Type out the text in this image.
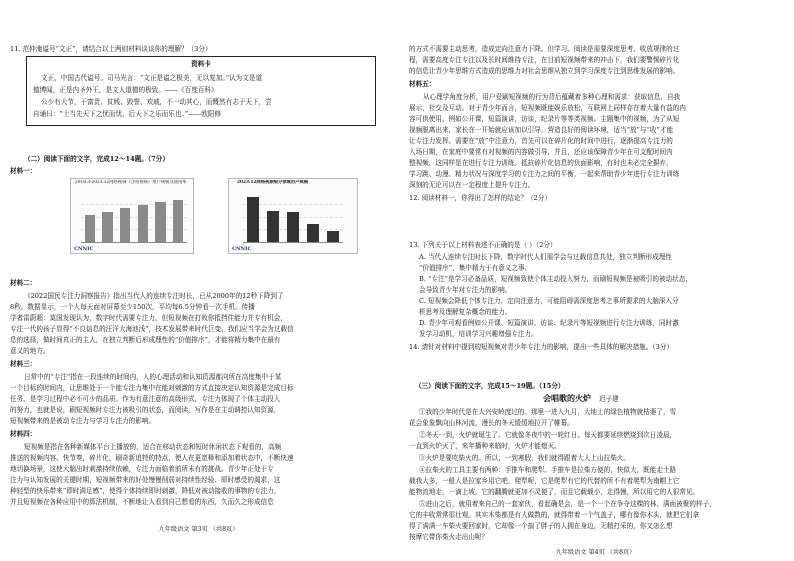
11. 范仲淹谥号“文正”，请结合以上两则材料谈谈你的理解？（3分）
资料卡
文正，中国古代谥号。司马光言：“文正是谥之极美，无以复加。”认为文是道
德博闻，正是内圣外王，是文人道德的极致。——《百度百科》
公少有大节，于富贵、贫贱、毁誉、欢戚，不一动其心，而慨然有志于天下，尝
自诵曰：“士当先天下之忧而忧，后天下之乐而乐也。”——欧阳修
（二）阅读下面的文字，完成12～14题。（7分）
材料一：
2018.3-2023.12网络视频（含短视频）用户规模及使用率
CNNIC
2023.12网络视频细分领域用户规模
CNNIC
材料二：
《2022国民专注力洞察报告》指出当代人的连续专注时长，已从2000年的12秒下降到了
8秒。数据显示，一个人每天面对屏幕至少150次，平均每6.5分钟看一次手机。传播
学者雷蔚超：莫国发现认为，数字时代需要专注力，但短视频在打败你抵挡住能力并专有机会，
专注一代的孩子显得“不良信息的汪洋大海池浅”，技术发展带来时代巨变，我们应当学会为过载信
息的选择，做时间真正的主人，在独立判断后形成理性的“价值排序”，才能将精力集中在最有
意义的地方。
材料三：
日常中的“专注”指在一段连续的时间内，人的心理活动和认知资源都向所在高度集中于某
一个目标的时间内，让思维处于一个能专注力集中在能对刺激的方式直接决定认知资源是完成目标
任务，是学习过程中必不可少的品质。作为有意注意的高级形式，专注力体现了个体主动投入
的努力，也就是说，刷短视频时专注力被吸引的状态，而阅读，写作是在主动调控认知资源，
短视频带来的是被动专注力与学习专注力的影响。
材料四：
短视频是指在各种新媒体平台上播放的，适合在移动状态和短时休闲状态下观看的，高频
推送的视频内容。快节奏，碎片化，刷奇新追特的特点，使人在更宽释和添加着状态中，不断快速
地切换场景，这使大脑出时刺激持续依赖，专注力面临着前所未有的挑战。青少年正处于专
注力与认知发展的关键时期，短视频带来的好处慢慢削弱对持续性经验、即时感受的渴求，这
种轻型的快乐带来“即时满足感”，使得个体持续即时刺激，降低对被动接收的事物的专注力，
并且短视频在各种应用中的算法机制，不断地让人看到自己想看的东西，久而久之形成信息
九年级语文 第3页 （共8页）
的方式不需要主动思考，造成定向注意力下降。但学习、阅读是需要深度思考、收放规律的过
程，需要高度专注专注以及长时间维持专注，在目前短视频带来的冲击下，我们要警惕碎片化
的信息让青少年思维方式造成的思维力对社会思维从独立到学习深度专注到思维发展的影响。
材料五：
从心理学角度分析，用户爱刷短视频的行为背后蕴藏着多种心理和需求：获取信息，自我
展示，社交及互动。对于青少年而言，短视频既能娱乐放松，互联网上同样存在着大量有益的内
容可供使用，例如公开课，短篇演讲，访谈，纪录片等等类视频。主题集中的视频，为了从短
视频脱离出来，家长在一开始就应该加以引导，营造良好的阅读环境，适当“放”与“收”才能
让专注力发挥。需要在“放”中注意力，首先可以在碎片化的时间中进行，逐渐提高专注力的
入场日期，在家庭中要常有对视频的内容做引导，并且，还应该保障青少年在可支配时间内
整视频，这同样是在进行专注力训练。抵抗碎片化信息的负面影响，有时也未必完全摒弃，
学习跳、动漫、精力状况与深度学习的专注力之间的平衡，一起来帮助青少年进行专注力训练
深刻的无论可以在一定程度上提升专注力。
12. 阅读材料一，你得出了怎样的结论？（2分）
13. 下列关于以上材料表述不正确的是（ ）（2分）
A. 当代人连续专注时长下降，数字时代人们需学会与过载信息共处，独立判断形成理性
“价值排序”，集中精力于有意义之事。
B. “专注”是学习必备品质，短视频致使个体主动投入努力，而刷短视频是被吸引的被动状态，
会导致青少年对专注力的影响。
C. 短视频会降低个体专注力、定向注意力，可能阻碍需深度思考之事所要求的大脑深入分
析思考及理解复杂概念的能力。
D. 青少年可观看例如公开课、短篇演讲、访谈、纪录片等短视频进行专注力训练，同时激
发学习动机，培训学习兴趣增强专注力。
14. 请针对材料中提到的短视频对青少年专注力的影响，提出一些具体的解决措施。（3分）
（三）阅读下面的文字，完成15～19题。（15分）
会唱歌的火炉 迟子建
①我的少年时代是在大兴安岭度过的。那里一进入九月，大地上的绿色植物就枯萎了，雪
花会象象飘向山林河流，漫长的冬天缓缓地拉开了帷幕。
②冬天一到，火炉就诞生了。它就像冬夜中的一轮红日。每天都要延续燃烧到次日凌晨，
一直到火炉灭了，来年播种来临时，火炉才能熄灭。
③火炉是要吃柴火的。所以，一到寒假，我们就得跟着大人上山拉柴火。
④拉柴火的工具主要有两种：手推车和爬犁。手推车是拉柴方便的，快似大，既能走土路
载我大多，一般人是拉家乡用它吧，爬犁呢，它是爬犁有它的代替的所不有着爬犁为南帽上它
能物流地走，一滴上坡，它的翻腾就更加不灵便了，而且它载载小，走得慢，所以用它的人很常见。
⑤进山之后，就用着来自己的一套家伙，看起确是会，是一个一个在争夺这棵的林，满面被聚的样子，
它的丰收常常很壮观。其实木柴都是有人做数的，就得带着一个气盖子，哪有像你木头，就把它们拿
得了满满一车柴火要回家时，它却像一个揣了胖子的人拥在身边，无精打采的，你又怎么想
按摩它带你柴火走出山呢？
九年级语文 第4页 （共8页）
